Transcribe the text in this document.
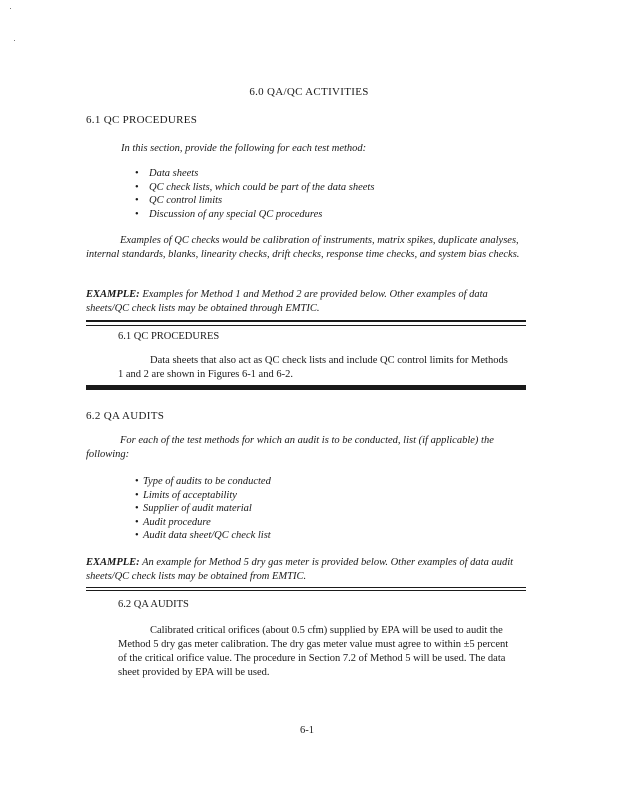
6.0 QA/QC ACTIVITIES
6.1 QC PROCEDURES
In this section, provide the following for each test method:
• Data sheets
• QC check lists, which could be part of the data sheets
• QC control limits
• Discussion of any special QC procedures
Examples of QC checks would be calibration of instruments, matrix spikes, duplicate analyses, internal standards, blanks, linearity checks, drift checks, response time checks, and system bias checks.
EXAMPLE: Examples for Method 1 and Method 2 are provided below. Other examples of data sheets/QC check lists may be obtained through EMTIC.
6.1 QC PROCEDURES
Data sheets that also act as QC check lists and include QC control limits for Methods 1 and 2 are shown in Figures 6-1 and 6-2.
6.2 QA AUDITS
For each of the test methods for which an audit is to be conducted, list (if applicable) the following:
• Type of audits to be conducted
• Limits of acceptability
• Supplier of audit material
• Audit procedure
• Audit data sheet/QC check list
EXAMPLE: An example for Method 5 dry gas meter is provided below. Other examples of data audit sheets/QC check lists may be obtained from EMTIC.
6.2 QA AUDITS
Calibrated critical orifices (about 0.5 cfm) supplied by EPA will be used to audit the Method 5 dry gas meter calibration. The dry gas meter value must agree to within ±5 percent of the critical orifice value. The procedure in Section 7.2 of Method 5 will be used. The data sheet provided by EPA will be used.
6-1
